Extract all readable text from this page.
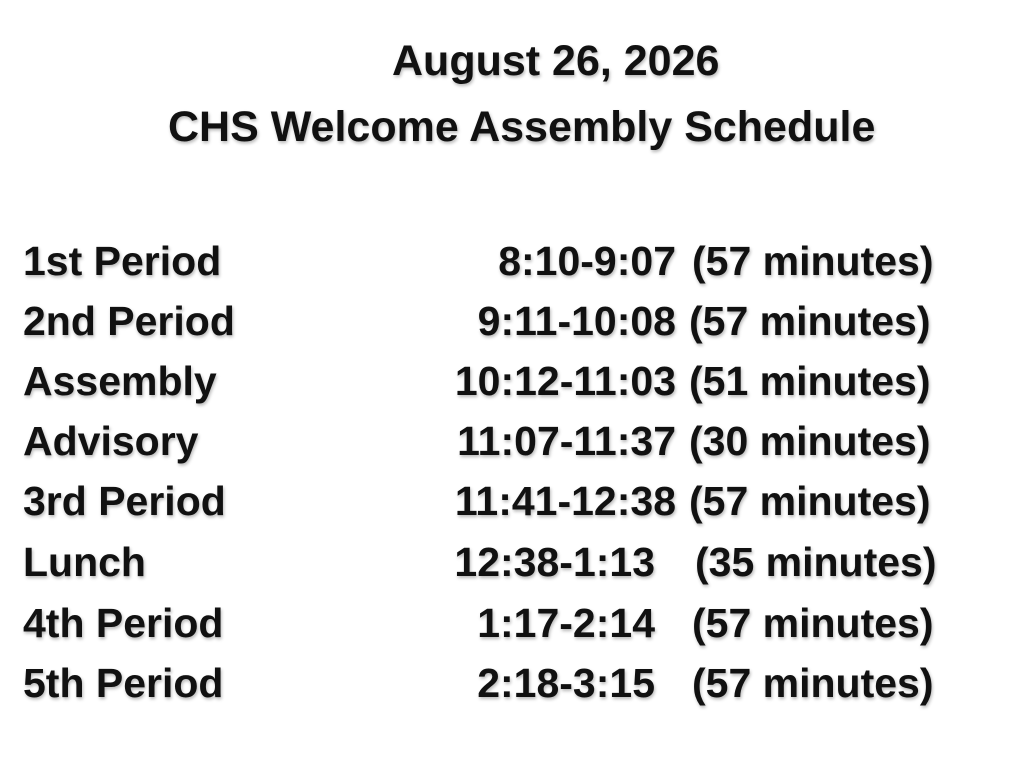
August 26, 2026
CHS Welcome Assembly Schedule
1st Period	8:10-9:07 (57 minutes)
2nd Period	9:11-10:08 (57 minutes)
Assembly	10:12-11:03 (51 minutes)
Advisory	11:07-11:37 (30 minutes)
3rd Period	11:41-12:38 (57 minutes)
Lunch	12:38-1:13 (35 minutes)
4th Period	1:17-2:14 (57 minutes)
5th Period	2:18-3:15 (57 minutes)
